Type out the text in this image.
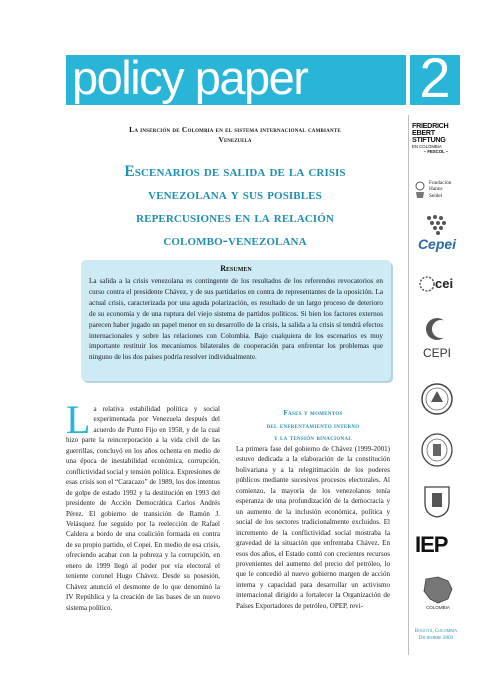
policy paper 2
La inserción de Colombia en el sistema internacional cambiante
Venezuela
Escenarios de salida de la crisis
venezolana y sus posibles
repercusiones en la relación
colombo-venezolana
Resumen
La salida a la crisis venezolana es contingente de los resultados de los referendos revocatorios en curso contra el presidente Chávez, y de sus partidarios en contra de representantes de la oposición. La actual crisis, caracterizada por una aguda polarización, es resultado de un largo proceso de deterioro de su economía y de una ruptura del viejo sistema de partidos políticos. Si bien los factores externos parecen haber jugado un papel menor en su desarrollo de la crisis, la salida a la crisis sí tendrá efectos internacionales y sobre las relaciones con Colombia. Bajo cualquiera de los escenarios es muy importante restituir los mecanismos bilaterales de cooperación para enfrentar los problemas que ninguno de los dos países podría resolver individualmente.
La relativa estabilidad política y social experimentada por Venezuela después del acuerdo de Punto Fijo en 1958, y de la cual hizo parte la reincorporación a la vida civil de las guerrillas, concluyó en los años ochenta en medio de una época de inestabilidad económica, corrupción, conflictividad social y tensión política. Expresiones de esas crisis son el “Caracazo” de 1989, los dos intentos de golpe de estado 1992 y la destitución en 1993 del presidente de Acción Democrática Carlos Andrés Pérez. El gobierno de transición de Ramón J. Velásquez fue seguido por la reelección de Rafael Caldera a bordo de una coalición formada en contra de su propio partido, el Copei. En medio de esa crisis, ofreciendo acabar con la pobreza y la corrupción, en enero de 1999 llegó al poder por vía electoral el teniente coronel Hugo Chávez. Desde su posesión, Chávez anunció el desmonte de lo que denominó la IV República y la creación de las bases de un nuevo sistema político.
Fases y momentos
del enfrentamiento interno
y la tensión binacional
La primera fase del gobierno de Chávez (1999-2001) estuvo dedicada a la elaboración de la constitución bolivariana y a la relegitimación de los poderes públicos mediante sucesivos procesos electorales. Al comienzo, la mayoría de los venezolanos tenía esperanza de una profundización de la democracia y un aumento de la inclusión económica, política y social de los sectores tradicionalmente excluidos. El incremento de la conflictividad social mostraba la gravedad de la situación que enfrentaba Chávez. En esos dos años, el Estado contó con crecientes recursos provenientes del aumento del precio del petróleo, lo que le concedió al nuevo gobierno margen de acción interna y capacidad para desarrollar un activismo internacional dirigido a fortalecer la Organización de Países Exportadores de petróleo, OPEP, revi-
FRIEDRICH
EBERT
STIFTUNG
EN COLOMBIA
– FESCOL –
Fundación
Hanns
Seidel
Cepei
cei
CEPI
IEP
COLOMBIA
Bogotá, Colombia
Diciembre 2003
